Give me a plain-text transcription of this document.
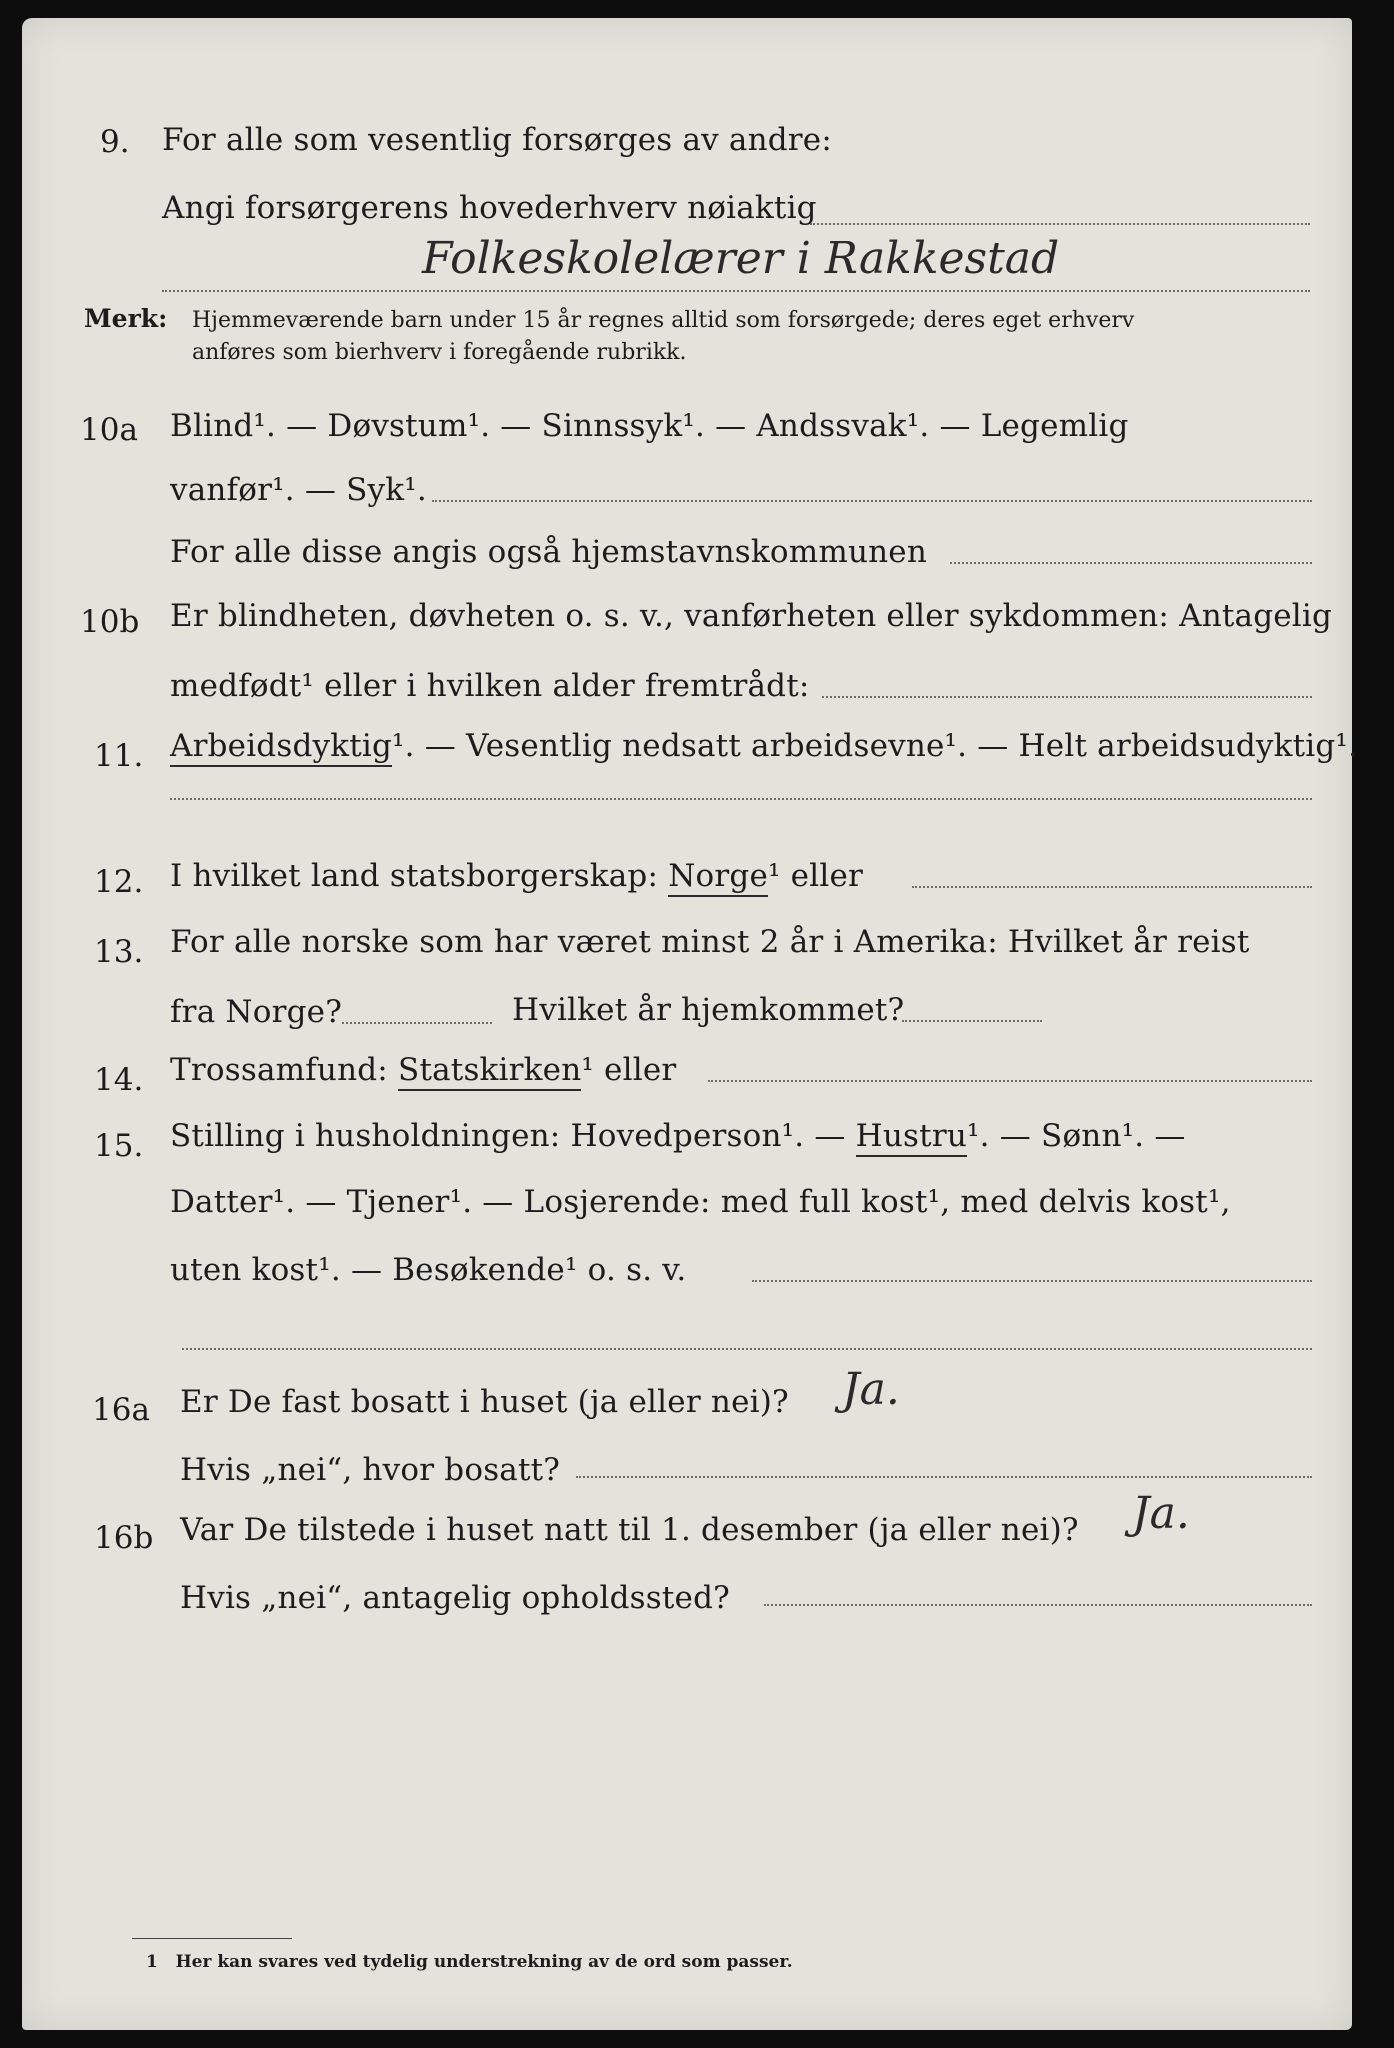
9. For alle som vesentlig forsørges av andre:
Angi forsørgerens hovederhverv nøiaktig
Folkeskolelærer i Rakkestad
Merk: Hjemmeværende barn under 15 år regnes alltid som forsørgede; deres eget erhverv
anføres som bierhverv i foregående rubrikk.
10a Blind¹. — Døvstum¹. — Sinnssyk¹. — Andssvak¹. — Legemlig
vanfør¹. — Syk¹.
For alle disse angis også hjemstavnskommunen
10b Er blindheten, døvheten o. s. v., vanførheten eller sykdommen: Antagelig
medfødt¹ eller i hvilken alder fremtrådt:
11. Arbeidsdyktig¹. — Vesentlig nedsatt arbeidsevne¹. — Helt arbeidsudyktig¹.
12. I hvilket land statsborgerskap: Norge¹ eller
13. For alle norske som har været minst 2 år i Amerika: Hvilket år reist
fra Norge?	Hvilket år hjemkommet?
14. Trossamfund: Statskirken¹ eller
15. Stilling i husholdningen: Hovedperson¹. — Hustru¹. — Sønn¹. —
Datter¹. — Tjener¹. — Losjerende: med full kost¹, med delvis kost¹,
uten kost¹. — Besøkende¹ o. s. v.
16a Er De fast bosatt i huset (ja eller nei)? Ja.
Hvis „nei“, hvor bosatt?
16b Var De tilstede i huset natt til 1. desember (ja eller nei)? Ja.
Hvis „nei“, antagelig opholdssted?
1 Her kan svares ved tydelig understrekning av de ord som passer.
